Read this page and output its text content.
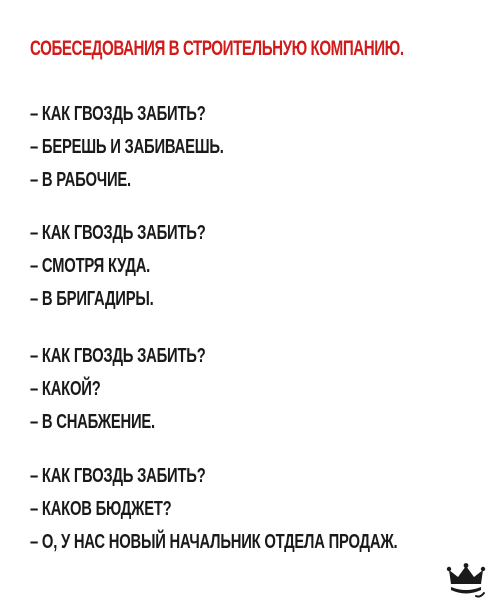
СОБЕСЕДОВАНИЯ В СТРОИТЕЛЬНУЮ КОМПАНИЮ.
– КАК ГВОЗДЬ ЗАБИТЬ?
– БЕРЕШЬ И ЗАБИВАЕШЬ.
– В РАБОЧИЕ.
– КАК ГВОЗДЬ ЗАБИТЬ?
– СМОТРЯ КУДА.
– В БРИГАДИРЫ.
– КАК ГВОЗДЬ ЗАБИТЬ?
– КАКОЙ?
– В СНАБЖЕНИЕ.
– КАК ГВОЗДЬ ЗАБИТЬ?
– КАКОВ БЮДЖЕТ?
– О, У НАС НОВЫЙ НАЧАЛЬНИК ОТДЕЛА ПРОДАЖ.
